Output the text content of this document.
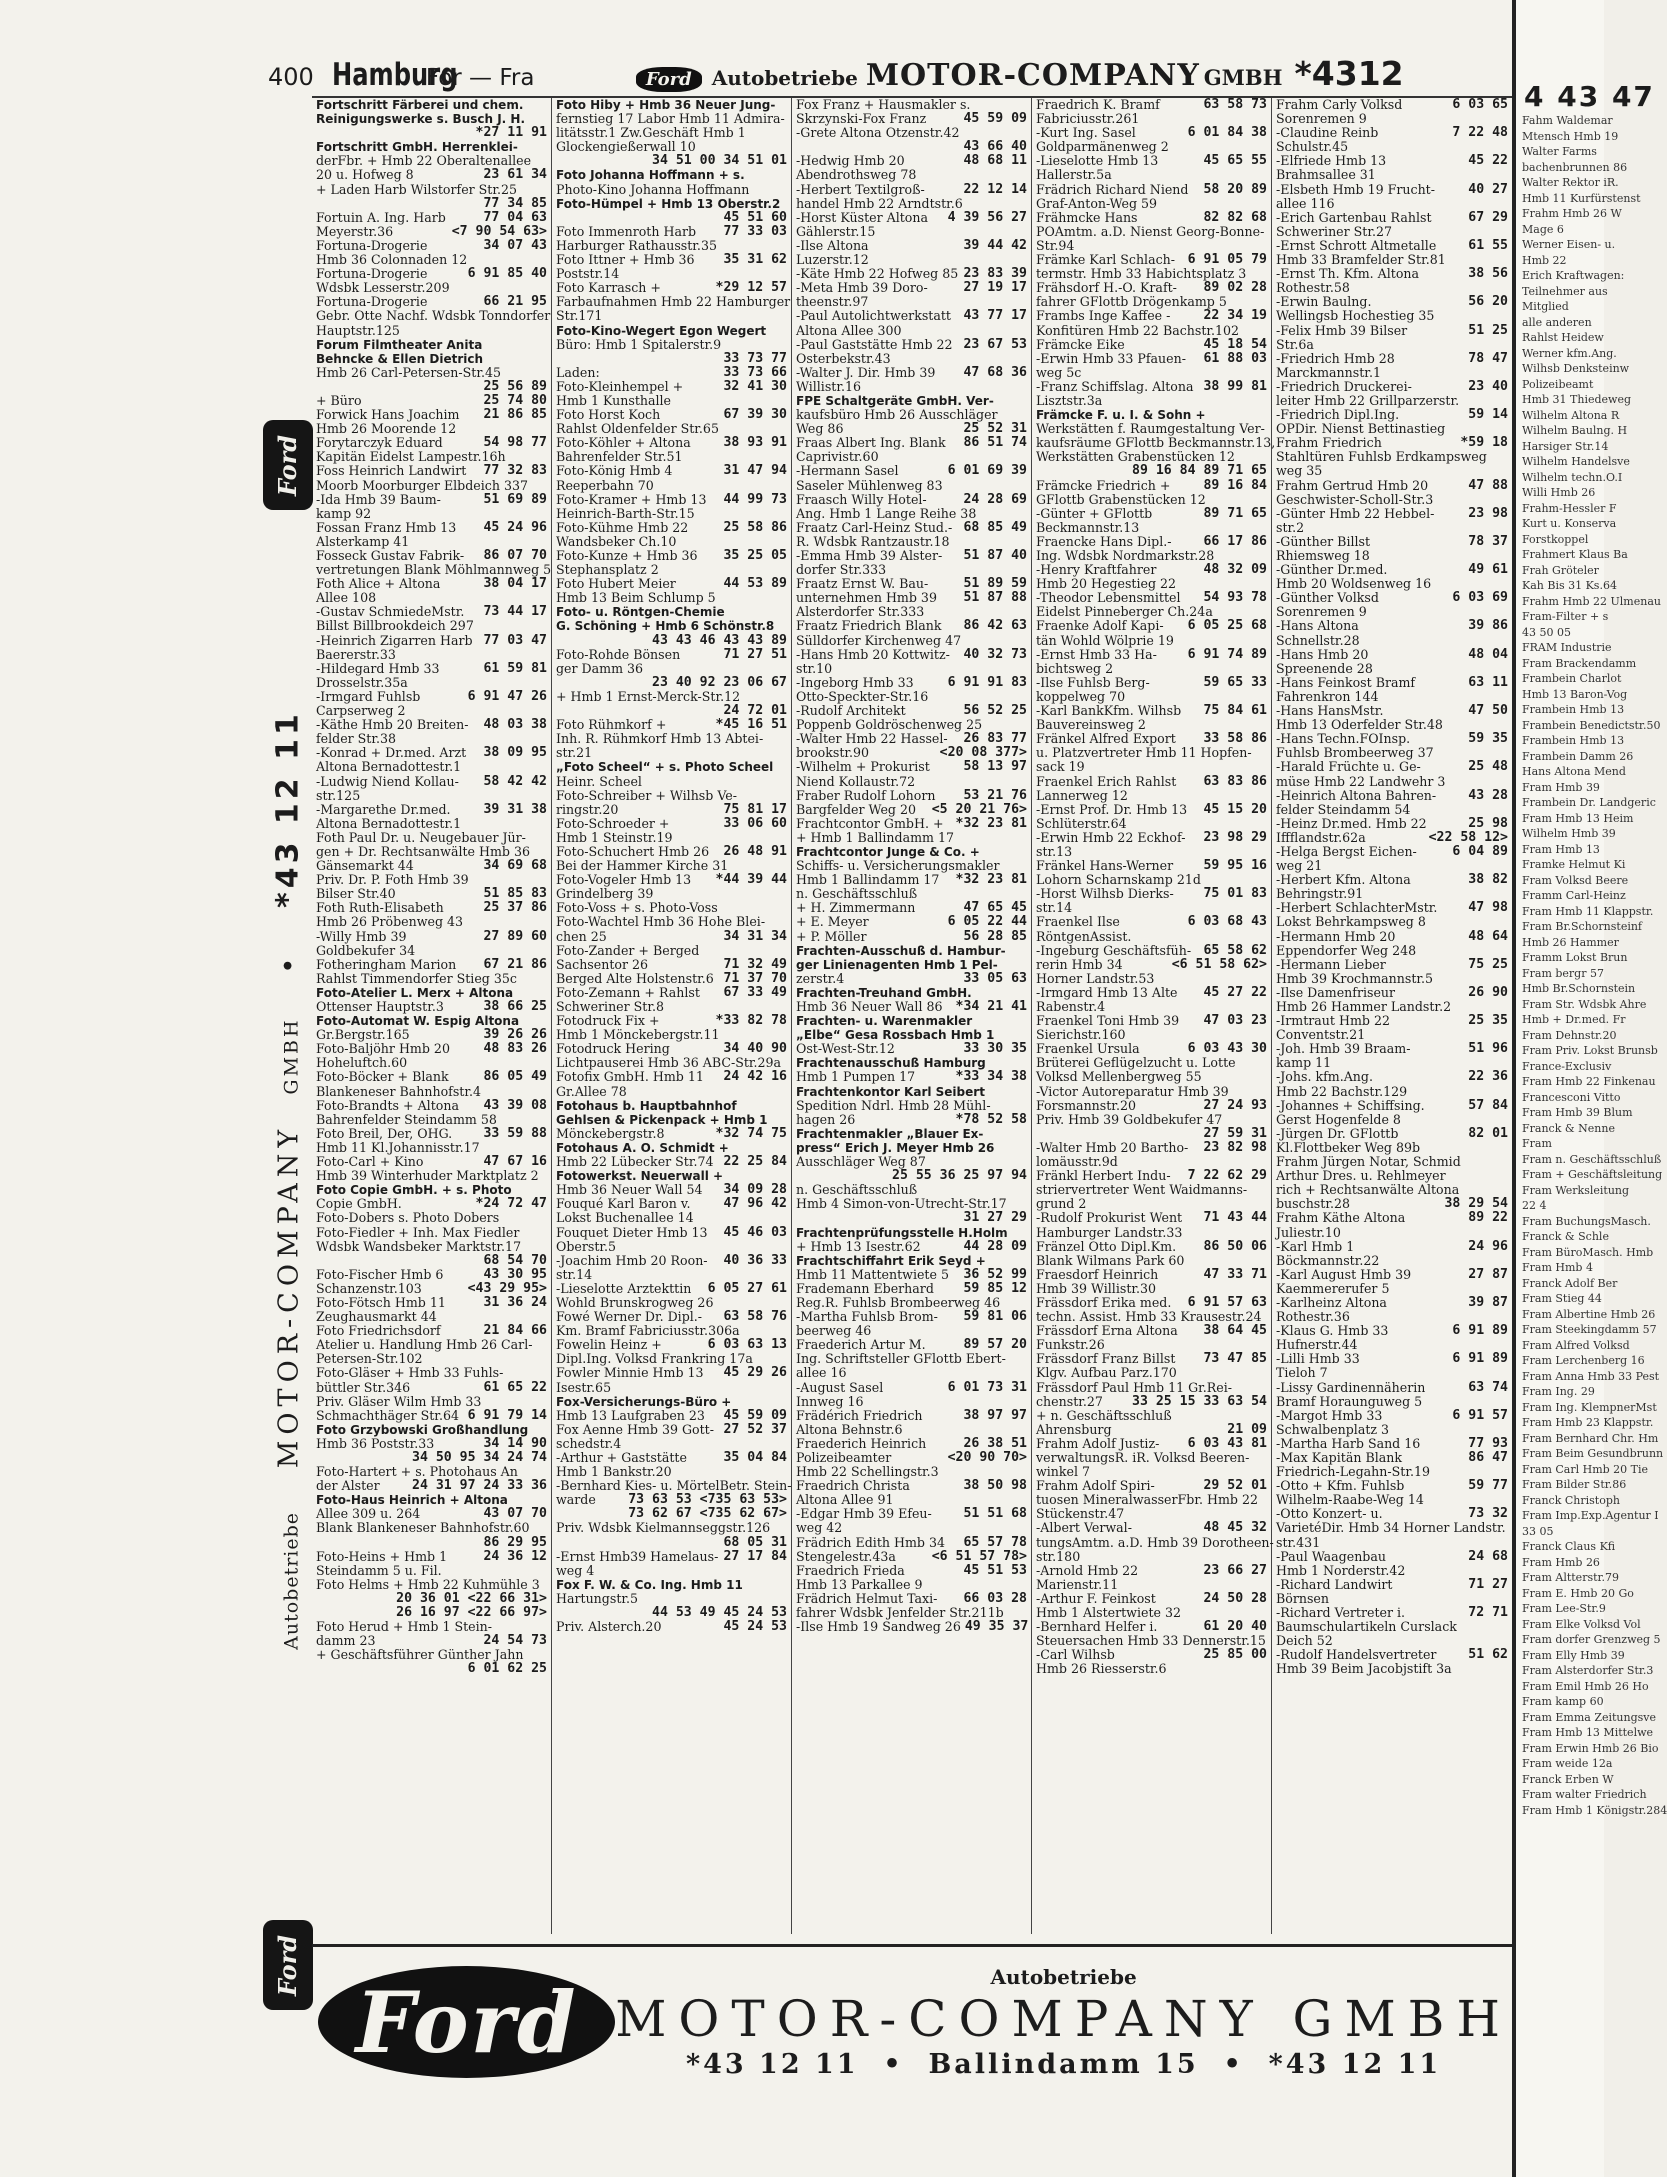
400 Hamburg
For — Fra	Ford	Autobetriebe MOTOR-COMPANY GMBH *4312
Ford
Autobetriebe   MOTOR-COMPANY  GMBH   •   *43 12 11
Ford
Fortschritt Färberei und chem.
Reinigungswerke s. Busch J. H.
*27 11 91
Fortschritt GmbH. Herrenklei-
derFbr. + Hmb 22 Oberaltenallee
20 u. Hofweg 8	23 61 34
+ Laden Harb Wilstorfer Str.25
77 34 85
Fortuin A. Ing. Harb	77 04 63
Meyerstr.36	<7 90 54 63>
Fortuna-Drogerie	34 07 43
Hmb 36 Colonnaden 12
Fortuna-Drogerie	6 91 85 40
Wdsbk Lesserstr.209
Fortuna-Drogerie	66 21 95
Gebr. Otte Nachf. Wdsbk Tonndorfer
Hauptstr.125
Forum Filmtheater Anita
Behncke & Ellen Dietrich
Hmb 26 Carl-Petersen-Str.45
25 56 89
+ Büro	25 74 80
Forwick Hans Joachim 21 86 85
Hmb 26 Moorende 12
Forytarczyk Eduard	54 98 77
Kapitän Eidelst Lampestr.16h
Foss Heinrich Landwirt 77 32 83
Moorb Moorburger Elbdeich 337
-Ida Hmb 39 Baum-	51 69 89
kamp 92
Fossan Franz Hmb 13 45 24 96
Alsterkamp 41
Fosseck Gustav Fabrik- 86 07 70
vertretungen Blank Möhlmannweg 5
Foth Alice + Altona	38 04 17
Allee 108
-Gustav SchmiedeMstr. 73 44 17
Billst Billbrookdeich 297
-Heinrich Zigarren Harb 77 03 47
Baererstr.33
-Hildegard Hmb 33	61 59 81
Drosselstr.35a
-Irmgard Fuhlsb	6 91 47 26
Carpserweg 2
-Käthe Hmb 20 Breiten- 48 03 38
felder Str.38
-Konrad + Dr.med. Arzt 38 09 95
Altona Bernadottestr.1
-Ludwig Niend Kollau- 58 42 42
str.125
-Margarethe Dr.med. 39 31 38
Altona Bernadottestr.1
Foth Paul Dr. u. Neugebauer Jür-
gen + Dr. Rechtsanwälte Hmb 36
Gänsemarkt 44	34 69 68
Priv. Dr. P. Foth Hmb 39
Bilser Str.40	51 85 83
Foth Ruth-Elisabeth	25 37 86
Hmb 26 Pröbenweg 43
-Willy Hmb 39	27 89 60
Goldbekufer 34
Fotheringham Marion 67 21 86
Rahlst Timmendorfer Stieg 35c
Foto-Atelier L. Merx + Altona
Ottenser Hauptstr.3	38 66 25
Foto-Automat W. Espig Altona
Gr.Bergstr.165	39 26 26
Foto-Baljöhr Hmb 20	48 83 26
Hoheluftch.60
Foto-Böcker + Blank	86 05 49
Blankeneser Bahnhofstr.4
Foto-Brandts + Altona 43 39 08
Bahrenfelder Steindamm 58
Foto Breil, Der, OHG. 33 59 88
Hmb 11 Kl.Johannisstr.17
Foto-Carl + Kino	47 67 16
Hmb 39 Winterhuder Marktplatz 2
Foto Copie GmbH. + s. Photo
Copie GmbH.	*24 72 47
Foto-Dobers s. Photo Dobers
Foto-Fiedler + Inh. Max Fiedler
Wdsbk Wandsbeker Marktstr.17
68 54 70
Foto-Fischer Hmb 6	43 30 95
Schanzenstr.103	<43 29 95>
Foto-Fötsch Hmb 11	31 36 24
Zeughausmarkt 44
Foto Friedrichsdorf	21 84 66
Atelier u. Handlung Hmb 26 Carl-
Petersen-Str.102
Foto-Gläser + Hmb 33 Fuhls-
büttler Str.346	61 65 22
Priv. Gläser Wilm Hmb 33
Schmachthäger Str.64 6 91 79 14
Foto Grzybowski Großhandlung
Hmb 36 Poststr.33	34 14 90
34 50 95 34 24 74
Foto-Hartert + s. Photohaus An
der Alster 24 31 97 24 33 36
Foto-Haus Heinrich + Altona
Allee 309 u. 264	43 07 70
Blank Blankeneser Bahnhofstr.60
86 29 95
Foto-Heins + Hmb 1	24 36 12
Steindamm 5 u. Fil.
Foto Helms + Hmb 22 Kuhmühle 3
20 36 01 <22 66 31>
26 16 97 <22 66 97>
Foto Herud + Hmb 1 Stein-
damm 23	24 54 73
+ Geschäftsführer Günther Jahn
6 01 62 25
Foto Hiby + Hmb 36 Neuer Jung-
fernstieg 17 Labor Hmb 11 Admira-
litätsstr.1 Zw.Geschäft Hmb 1
Glockengießerwall 10
34 51 00 34 51 01
Foto Johanna Hoffmann + s.
Photo-Kino Johanna Hoffmann
Foto-Hümpel + Hmb 13 Oberstr.2
45 51 60
Foto Immenroth Harb 77 33 03
Harburger Rathausstr.35
Foto Ittner + Hmb 36 35 31 62
Poststr.14
Foto Karrasch +	*29 12 57
Farbaufnahmen Hmb 22 Hamburger
Str.171
Foto-Kino-Wegert Egon Wegert
Büro: Hmb 1 Spitalerstr.9
33 73 77
Laden:	33 73 66
Foto-Kleinhempel +	32 41 30
Hmb 1 Kunsthalle
Foto Horst Koch	67 39 30
Rahlst Oldenfelder Str.65
Foto-Köhler + Altona 38 93 91
Bahrenfelder Str.51
Foto-König Hmb 4	31 47 94
Reeperbahn 70
Foto-Kramer + Hmb 13 44 99 73
Heinrich-Barth-Str.15
Foto-Kühme Hmb 22	25 58 86
Wandsbeker Ch.10
Foto-Kunze + Hmb 36 35 25 05
Stephansplatz 2
Foto Hubert Meier	44 53 89
Hmb 13 Beim Schlump 5
Foto- u. Röntgen-Chemie
G. Schöning + Hmb 6 Schönstr.8
43 43 46 43 43 89
Foto-Rohde Bönsen	71 27 51
ger Damm 36
23 40 92 23 06 67
+ Hmb 1 Ernst-Merck-Str.12
24 72 01
Foto Rühmkorf +	*45 16 51
Inh. R. Rühmkorf Hmb 13 Abtei-
str.21
„Foto Scheel“ + s. Photo Scheel
Heinr. Scheel
Foto-Schreiber + Wilhsb Ve-
ringstr.20	75 81 17
Foto-Schroeder +	33 06 60
Hmb 1 Steinstr.19
Foto-Schuchert Hmb 26 26 48 91
Bei der Hammer Kirche 31
Foto-Vogeler Hmb 13 *44 39 44
Grindelberg 39
Foto-Voss + s. Photo-Voss
Foto-Wachtel Hmb 36 Hohe Blei-
chen 25	34 31 34
Foto-Zander + Berged
Sachsentor 26	71 32 49
Berged Alte Holstenstr.6 71 37 70
Foto-Zemann + Rahlst 67 33 49
Schweriner Str.8
Fotodruck Fix +	*33 82 78
Hmb 1 Mönckebergstr.11
Fotodruck Hering	34 40 90
Lichtpauserei Hmb 36 ABC-Str.29a
Fotofix GmbH. Hmb 11 24 42 16
Gr.Allee 78
Fotohaus b. Hauptbahnhof
Gehlsen & Pickenpack + Hmb 1
Mönckebergstr.8	*32 74 75
Fotohaus A. O. Schmidt +
Hmb 22 Lübecker Str.74 22 25 84
Fotowerkst. Neuerwall +
Hmb 36 Neuer Wall 54 34 09 28
Fouqué Karl Baron v.	47 96 42
Lokst Buchenallee 14
Fouquet Dieter Hmb 13 45 46 03
Oberstr.5
-Joachim Hmb 20 Roon- 40 36 33
str.14
-Lieselotte Arztekttin 6 05 27 61
Wohld Brunskrogweg 26
Fowé Werner Dr. Dipl.- 63 58 76
Km. Bramf Fabriciusstr.306a
Fowelin Heinz +	6 03 63 13
Dipl.Ing. Volksd Frankring 17a
Fowler Minnie Hmb 13 45 29 26
Isestr.65
Fox-Versicherungs-Büro +
Hmb 13 Laufgraben 23 45 59 09
Fox Aenne Hmb 39 Gott- 27 52 37
schedstr.4
-Arthur + Gaststätte	35 04 84
Hmb 1 Bankstr.20
-Bernhard Kies- u. MörtelBetr. Stein-
warde 73 63 53 <735 63 53>
73 62 67 <735 62 67>
Priv. Wdsbk Kielmannseggstr.126
68 05 31
-Ernst Hmb39 Hamelaus- 27 17 84
weg 4
Fox F. W. & Co. Ing. Hmb 11
Hartungstr.5
44 53 49 45 24 53
Priv. Alsterch.20	45 24 53
Fox Franz + Hausmakler s.
Skrzynski-Fox Franz	45 59 09
-Grete Altona Otzenstr.42
43 66 40
-Hedwig Hmb 20	48 68 11
Abendrothsweg 78
-Herbert Textilgroß-	22 12 14
handel Hmb 22 Arndtstr.6
-Horst Küster Altona 4 39 56 27
Gählerstr.15
-Ilse Altona	39 44 42
Luzerstr.12
-Käte Hmb 22 Hofweg 85 23 83 39
-Meta Hmb 39 Doro-	27 19 17
theenstr.97
-Paul Autolichtwerkstatt 43 77 17
Altona Allee 300
-Paul Gaststätte Hmb 22 23 67 53
Osterbekstr.43
-Walter J. Dir. Hmb 39 47 68 36
Willistr.16
FPE Schaltgeräte GmbH. Ver-
kaufsbüro Hmb 26 Ausschläger
Weg 86	25 52 31
Fraas Albert Ing. Blank 86 51 74
Caprivistr.60
-Hermann Sasel	6 01 69 39
Saseler Mühlenweg 83
Fraasch Willy Hotel-	24 28 69
Ang. Hmb 1 Lange Reihe 38
Fraatz Carl-Heinz Stud.- 68 85 49
R. Wdsbk Rantzaustr.18
-Emma Hmb 39 Alster- 51 87 40
dorfer Str.333
Fraatz Ernst W. Bau-	51 89 59
unternehmen Hmb 39 51 87 88
Alsterdorfer Str.333
Fraatz Friedrich Blank 86 42 63
Sülldorfer Kirchenweg 47
-Hans Hmb 20 Kottwitz- 40 32 73
str.10
-Ingeborg Hmb 33	6 91 91 83
Otto-Speckter-Str.16
-Rudolf Architekt	56 52 25
Poppenb Goldröschenweg 25
-Walter Hmb 22 Hassel- 26 83 77
brookstr.90	<20 08 377>
-Wilhelm + Prokurist	58 13 97
Niend Kollaustr.72
Fraber Rudolf Lohorn 53 21 76
Bargfelder Weg 20 <5 20 21 76>
Frachtcontor GmbH. + *32 23 81
+ Hmb 1 Ballindamm 17
Frachtcontor Junge & Co. +
Schiffs- u. Versicherungsmakler
Hmb 1 Ballindamm 17 *32 23 81
n. Geschäftsschluß
+ H. Zimmermann	47 65 45
+ E. Meyer	6 05 22 44
+ P. Möller	56 28 85
Frachten-Ausschuß d. Hambur-
ger Linienagenten Hmb 1 Pel-
zerstr.4	33 05 63
Frachten-Treuhand GmbH.
Hmb 36 Neuer Wall 86 *34 21 41
Frachten- u. Warenmakler
„Elbe“ Gesa Rossbach Hmb 1
Ost-West-Str.12	33 30 35
Frachtenausschuß Hamburg
Hmb 1 Pumpen 17	*33 34 38
Frachtenkontor Karl Seibert
Spedition Ndrl. Hmb 28 Mühl-
hagen 26	*78 52 58
Frachtenmakler „Blauer Ex-
press“ Erich J. Meyer Hmb 26
Ausschläger Weg 87
25 55 36 25 97 94
n. Geschäftsschluß
Hmb 4 Simon-von-Utrecht-Str.17
31 27 29
Frachtenprüfungsstelle H.Holm
+ Hmb 13 Isestr.62	44 28 09
Frachtschiffahrt Erik Seyd +
Hmb 11 Mattentwiete 5 36 52 99
Frademann Eberhard 59 85 12
Reg.R. Fuhlsb Brombeerweg 46
-Martha Fuhlsb Brom- 59 81 06
beerweg 46
Fraederich Artur M.	89 57 20
Ing. Schriftsteller GFlottb Ebert-
allee 16
-August Sasel	6 01 73 31
Innweg 16
Frädérich Friedrich	38 97 97
Altona Behnstr.6
Fraederich Heinrich	26 38 51
Polizeibeamter	<20 90 70>
Hmb 22 Schellingstr.3
Fraedrich Christa	38 50 98
Altona Allee 91
-Edgar Hmb 39 Efeu- 51 51 68
weg 42
Frädrich Edith Hmb 34 65 57 78
Stengelestr.43a	<6 51 57 78>
Fraedrich Frieda	45 51 53
Hmb 13 Parkallee 9
Frädrich Helmut Taxi- 66 03 28
fahrer Wdsbk Jenfelder Str.211b
-Ilse Hmb 19 Sandweg 26 49 35 37
Fraedrich K. Bramf	63 58 73
Fabriciusstr.261
-Kurt Ing. Sasel	6 01 84 38
Goldparmänenweg 2
-Lieselotte Hmb 13	45 65 55
Hallerstr.5a
Frädrich Richard Niend 58 20 89
Graf-Anton-Weg 59
Frähmcke Hans	82 82 68
POAmtm. a.D. Nienst Georg-Bonne-
Str.94
Främke Karl Schlach- 6 91 05 79
termstr. Hmb 33 Habichtsplatz 3
Frähsdorf H.-O. Kraft- 89 02 28
fahrer GFlottb Drögenkamp 5
Frambs Inge Kaffee -	22 34 19
Konfitüren Hmb 22 Bachstr.102
Främcke Eike	45 18 54
-Erwin Hmb 33 Pfauen- 61 88 03
weg 5c
-Franz Schiffslag. Altona 38 99 81
Lisztstr.3a
Främcke F. u. I. & Sohn +
Werkstätten f. Raumgestaltung Ver-
kaufsräume GFlottb Beckmannstr.13,
Werkstätten Grabenstücken 12
89 16 84 89 71 65
Främcke Friedrich +	89 16 84
GFlottb Grabenstücken 12
-Günter + GFlottb	89 71 65
Beckmannstr.13
Fraencke Hans Dipl.- 66 17 86
Ing. Wdsbk Nordmarkstr.28
-Henry Kraftfahrer	48 32 09
Hmb 20 Hegestieg 22
-Theodor Lebensmittel 54 93 78
Eidelst Pinneberger Ch.24a
Fraenke Adolf Kapi- 6 05 25 68
tän Wohld Wölprie 19
-Ernst Hmb 33 Ha- 6 91 74 89
bichtsweg 2
-Ilse Fuhlsb Berg-	59 65 33
koppelweg 70
-Karl BankKfm. Wilhsb 75 84 61
Bauvereinsweg 2
Fränkel Alfred Export 33 58 86
u. Platzvertreter Hmb 11 Hopfen-
sack 19
Fraenkel Erich Rahlst 63 83 86
Lannerweg 12
-Ernst Prof. Dr. Hmb 13 45 15 20
Schlüterstr.64
-Erwin Hmb 22 Eckhof- 23 98 29
str.13
Fränkel Hans-Werner 59 95 16
Lohorn Scharnskamp 21d
-Horst Wilhsb Dierks- 75 01 83
str.14
Fraenkel Ilse	6 03 68 43
RöntgenAssist.
-Ingeburg Geschäftsfüh- 65 58 62
rerin Hmb 34	<6 51 58 62>
Horner Landstr.53
-Irmgard Hmb 13 Alte 45 27 22
Rabenstr.4
Fraenkel Toni Hmb 39 47 03 23
Sierichstr.160
Fraenkel Ursula	6 03 43 30
Brüterei Geflügelzucht u. Lotte
Volksd Mellenbergweg 55
-Victor Autoreparatur Hmb 39
Forsmannstr.20	27 24 93
Priv. Hmb 39 Goldbekufer 47
27 59 31
-Walter Hmb 20 Bartho- 23 82 98
lomäusstr.9d
Fränkl Herbert Indu- 7 22 62 29
striervertreter Went Waidmanns-
grund 2
-Rudolf Prokurist Went 71 43 44
Hamburger Landstr.33
Fränzel Otto Dipl.Km. 86 50 06
Blank Wilmans Park 60
Fraesdorf Heinrich	47 33 71
Hmb 39 Willistr.30
Frässdorf Erika med. 6 91 57 63
techn. Assist. Hmb 33 Krausestr.24
Frässdorf Erna Altona 38 64 45
Funkstr.26
Frässdorf Franz Billst 73 47 85
Klgv. Aufbau Parz.170
Frässdorf Paul Hmb 11 Gr.Rei-
chenstr.27 33 25 15 33 63 54
+ n. Geschäftsschluß
Ahrensburg	21 09
Frahm Adolf Justiz- 6 03 43 81
verwaltungsR. iR. Volksd Beeren-
winkel 7
Frahm Adolf Spiri-	29 52 01
tuosen MineralwasserFbr. Hmb 22
Stückenstr.47
-Albert Verwal-	48 45 32
tungsAmtm. a.D. Hmb 39 Dorotheen-
str.180
-Arnold Hmb 22	23 66 27
Marienstr.11
-Arthur F. Feinkost	24 50 28
Hmb 1 Alstertwiete 32
-Bernhard Helfer i.	61 20 40
Steuersachen Hmb 33 Dennerstr.15
-Carl Wilhsb	25 85 00
Hmb 26 Riesserstr.6
Frahm Carly Volksd	6 03 65
Sorenremen 9
-Claudine Reinb	7 22 48
Schulstr.45
-Elfriede Hmb 13	45 22
Brahmsallee 31
-Elsbeth Hmb 19 Frucht-	40 27
allee 116
-Erich Gartenbau Rahlst	67 29
Schweriner Str.27
-Ernst Schrott Altmetalle 61 55
Hmb 33 Bramfelder Str.81
-Ernst Th. Kfm. Altona	38 56
Rothestr.58
-Erwin Baulng.	56 20
Wellingsb Hochestieg 35
-Felix Hmb 39 Bilser	51 25
Str.6a
-Friedrich Hmb 28	78 47
Marckmannstr.1
-Friedrich Druckerei-	23 40
leiter Hmb 22 Grillparzerstr.
-Friedrich Dipl.Ing.	59 14
OPDir. Nienst Bettinastieg
Frahm Friedrich	*59 18
Stahltüren Fuhlsb Erdkampsweg
weg 35
Frahm Gertrud Hmb 20	47 88
Geschwister-Scholl-Str.3
-Günter Hmb 22 Hebbel-	23 98
str.2
-Günther Billst	78 37
Rhiemsweg 18
-Günther Dr.med.	49 61
Hmb 20 Woldsenweg 16
-Günther Volksd	6 03 69
Sorenremen 9
-Hans Altona	39 86
Schnellstr.28
-Hans Hmb 20	48 04
Spreenende 28
-Hans Feinkost Bramf	63 11
Fahrenkron 144
-Hans HansMstr.	47 50
Hmb 13 Oderfelder Str.48
-Hans Techn.FOInsp.	59 35
Fuhlsb Brombeerweg 37
-Harald Früchte u. Ge-	25 48
müse Hmb 22 Landwehr 3
-Heinrich Altona Bahren- 43 28
felder Steindamm 54
-Heinz Dr.med. Hmb 22	25 98
Iffflandstr.62a	<22 58 12>
-Helga Bergst Eichen-	6 04 89
weg 21
-Herbert Kfm. Altona	38 82
Behringstr.91
-Herbert SchlachterMstr. 47 98
Lokst Behrkampsweg 8
-Hermann Hmb 20	48 64
Eppendorfer Weg 248
-Hermann Lieber	75 25
Hmb 39 Krochmannstr.5
-Ilse Damenfriseur	26 90
Hmb 26 Hammer Landstr.2
-Irmtraut Hmb 22	25 35
Conventstr.21
-Joh. Hmb 39 Braam-	51 96
kamp 11
-Johs. kfm.Ang.	22 36
Hmb 22 Bachstr.129
-Johannes + Schiffsing.	57 84
Gerst Hogenfelde 8
-Jürgen Dr. GFlottb	82 01
Kl.Flottbeker Weg 89b
Frahm Jürgen Notar, Schmid
Arthur Dres. u. Rehlmeyer
rich + Rechtsanwälte Altona
buschstr.28	38 29 54
Frahm Käthe Altona	89 22
Juliestr.10
-Karl Hmb 1	24 96
Böckmannstr.22
-Karl August Hmb 39	27 87
Kaemmererufer 5
-Karlheinz Altona	39 87
Rothestr.36
-Klaus G. Hmb 33	6 91 89
Hufnerstr.44
-Lilli Hmb 33	6 91 89
Tieloh 7
-Lissy Gardinennäherin	63 74
Bramf Horaunguweg 5
-Margot Hmb 33	6 91 57
Schwalbenplatz 3
-Martha Harb Sand 16	77 93
-Max Kapitän Blank	86 47
Friedrich-Legahn-Str.19
-Otto + Kfm. Fuhlsb	59 77
Wilhelm-Raabe-Weg 14
-Otto Konzert- u.	73 32
VarietéDir. Hmb 34 Horner Landstr.
str.431
-Paul Waagenbau	24 68
Hmb 1 Norderstr.42
-Richard Landwirt	71 27
Börnsen
-Richard Vertreter i.	72 71
Baumschulartikeln Curslack
Deich 52
-Rudolf Handelsvertreter 51 62
Hmb 39 Beim Jacobjstift 3a
Ford	Autobetriebe
MOTOR-COMPANY GMBH
*43 12 11 • Ballindamm 15 • *43 12 11
4 43 47
Fahm Waldemar
Mtensch Hmb 19
Walter Farms
bachenbrunnen 86
Walter Rektor iR.
Hmb 11 Kurfürstenst
Frahm Hmb 26 W
Mage 6
Werner Eisen- u.
Hmb 22
Erich Kraftwagen:
Teilnehmer aus
Mitglied
alle anderen
Rahlst Heidew
Werner kfm.Ang.
Wilhsb Denksteinw
Polizeibeamt
Hmb 31 Thiedeweg
Wilhelm Altona R
Wilhelm Baulng. H
Harsiger Str.14
Wilhelm Handelsve
Wilhelm techn.O.I
Willi Hmb 26
Frahm-Hessler F
Kurt u. Konserva
Forstkoppel
Frahmert Klaus Ba
Frah Gröteler
Kah Bis 31 Ks.64
Frahm Hmb 22 Ulmenau
Fram-Filter + s
43 50 05
FRAM Industrie
Fram Brackendamm
Frambein Charlot
Hmb 13 Baron-Vog
Frambein Hmb 13
Frambein Benedictstr.50
Frambein Hmb 13
Frambein Damm 26
Hans Altona Mend
Fram Hmb 39
Frambein Dr. Landgeric
Fram Hmb 13 Heim
Wilhelm Hmb 39
Fram Hmb 13
Framke Helmut Ki
Fram Volksd Beere
Framm Carl-Heinz
Fram Hmb 11 Klappstr.
Fram Br.Schornsteinf
Hmb 26 Hammer
Framm Lokst Brun
Fram bergr 57
Hmb Br.Schornstein
Fram Str. Wdsbk Ahre
Hmb + Dr.med. Fr
Fram Dehnstr.20
Fram Priv. Lokst Brunsb
France-Exclusiv
Fram Hmb 22 Finkenau
Francesconi Vitto
Fram Hmb 39 Blum
Franck & Nenne
Fram
Fram n. Geschäftsschluß
Fram + Geschäftsleitung
Fram Werksleitung
22 4
Fram BuchungsMasch.
Franck & Schle
Fram BüroMasch. Hmb
Fram Hmb 4
Franck Adolf Ber
Fram Stieg 44
Fram Albertine Hmb 26
Fram Steekingdamm 57
Fram Alfred Volksd
Fram Lerchenberg 16
Fram Anna Hmb 33 Pest
Fram Ing. 29
Fram Ing. KlempnerMst
Fram Hmb 23 Klappstr.
Fram Bernhard Chr. Hm
Fram Beim Gesundbrunn
Fram Carl Hmb 20 Tie
Fram Bilder Str.86
Franck Christoph
Fram Imp.Exp.Agentur I
33 05
Franck Claus Kfi
Fram Hmb 26
Fram Altterstr.79
Fram E. Hmb 20 Go
Fram Lee-Str.9
Fram Elke Volksd Vol
Fram dorfer Grenzweg 5
Fram Elly Hmb 39
Fram Alsterdorfer Str.3
Fram Emil Hmb 26 Ho
Fram kamp 60
Fram Emma Zeitungsve
Fram Hmb 13 Mittelwe
Fram Erwin Hmb 26 Bio
Fram weide 12a
Franck Erben W
Fram walter Friedrich
Fram Hmb 1 Königstr.284
